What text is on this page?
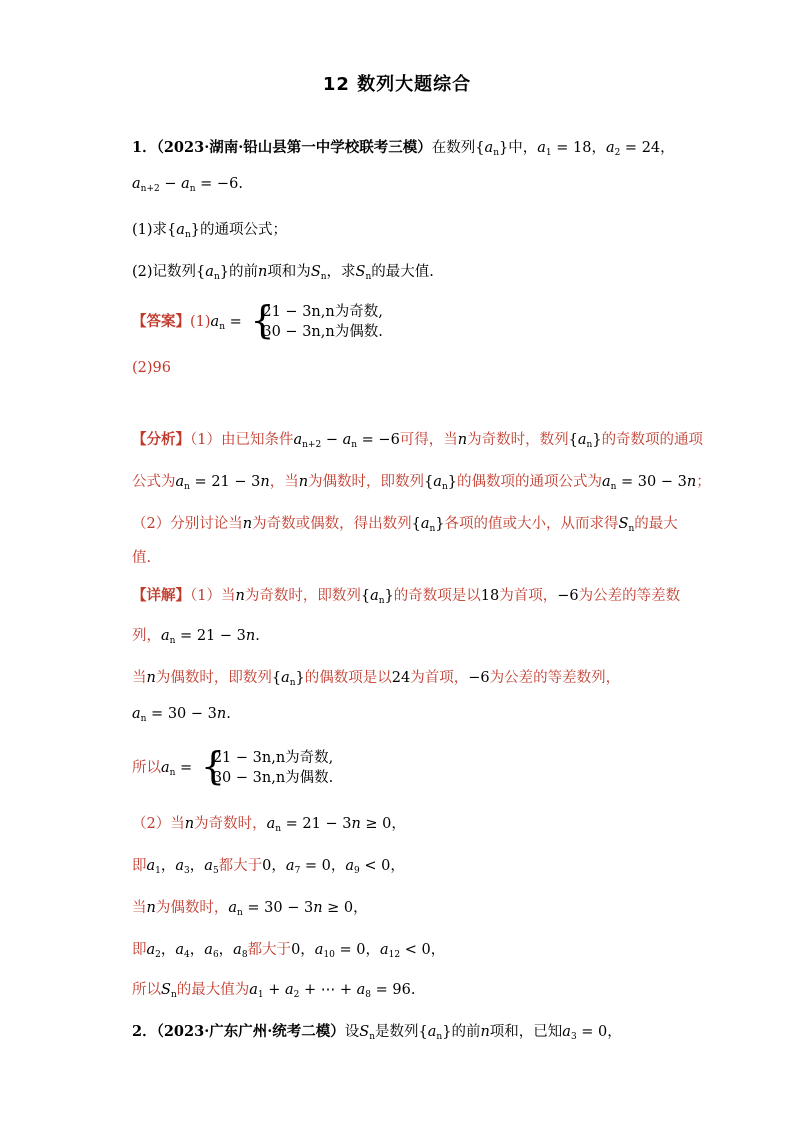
12 数列大题综合
1．（2023·湖南·铅山县第一中学校联考三模）在数列$\{a_n\}$中，$a_1 = 18$，$a_2 = 24$，
$a_{n+2} - a_n = -6$.
(1)求$\{a_n\}$的通项公式；
(2)记数列$\{a_n\}$的前n项和为$S_n$，求$S_n$的最大值.
【答案】$(1)a_n$ = {
21 − 3n,n为奇数,
30 − 3n,n为偶数.
(2)96
【分析】（1）由已知条件$a_{n+2} - a_n = -6$可得，当n为奇数时，数列$\{a_n\}$的奇数项的通项
公式为$a_n = 21 - 3n$，当n为偶数时，即数列$\{a_n\}$的偶数项的通项公式为$a_n = 30 - 3n$；
（2）分别讨论当n为奇数或偶数，得出数列$\{a_n\}$各项的值或大小，从而求得$S_n$的最大
值.
【详解】（1）当n为奇数时，即数列$\{a_n\}$的奇数项是以18为首项，−6为公差的等差数
列，$a_n = 21 - 3n$.
当n为偶数时，即数列$\{a_n\}$的偶数项是以24为首项，−6为公差的等差数列，
$a_n = 30 - 3n$.
所以$a_n$ = {
21 − 3n,n为奇数,
30 − 3n,n为偶数.
（2）当n为奇数时，$a_n = 21 - 3n \ge 0$，
即$a_1$，$a_3$，$a_5$都大于0，$a_7 = 0$，$a_9 < 0$，
当n为偶数时，$a_n = 30 - 3n \ge 0$，
即$a_2$，$a_4$，$a_6$，$a_8$都大于0，$a_{10} = 0$，$a_{12} < 0$，
所以$S_n$的最大值为$a_1 + a_2$ + ⋯ + $a_8 = 96$.
2．（2023·广东广州·统考二模）设$S_n$是数列$\{a_n\}$的前n项和，已知$a_3 = 0$，
